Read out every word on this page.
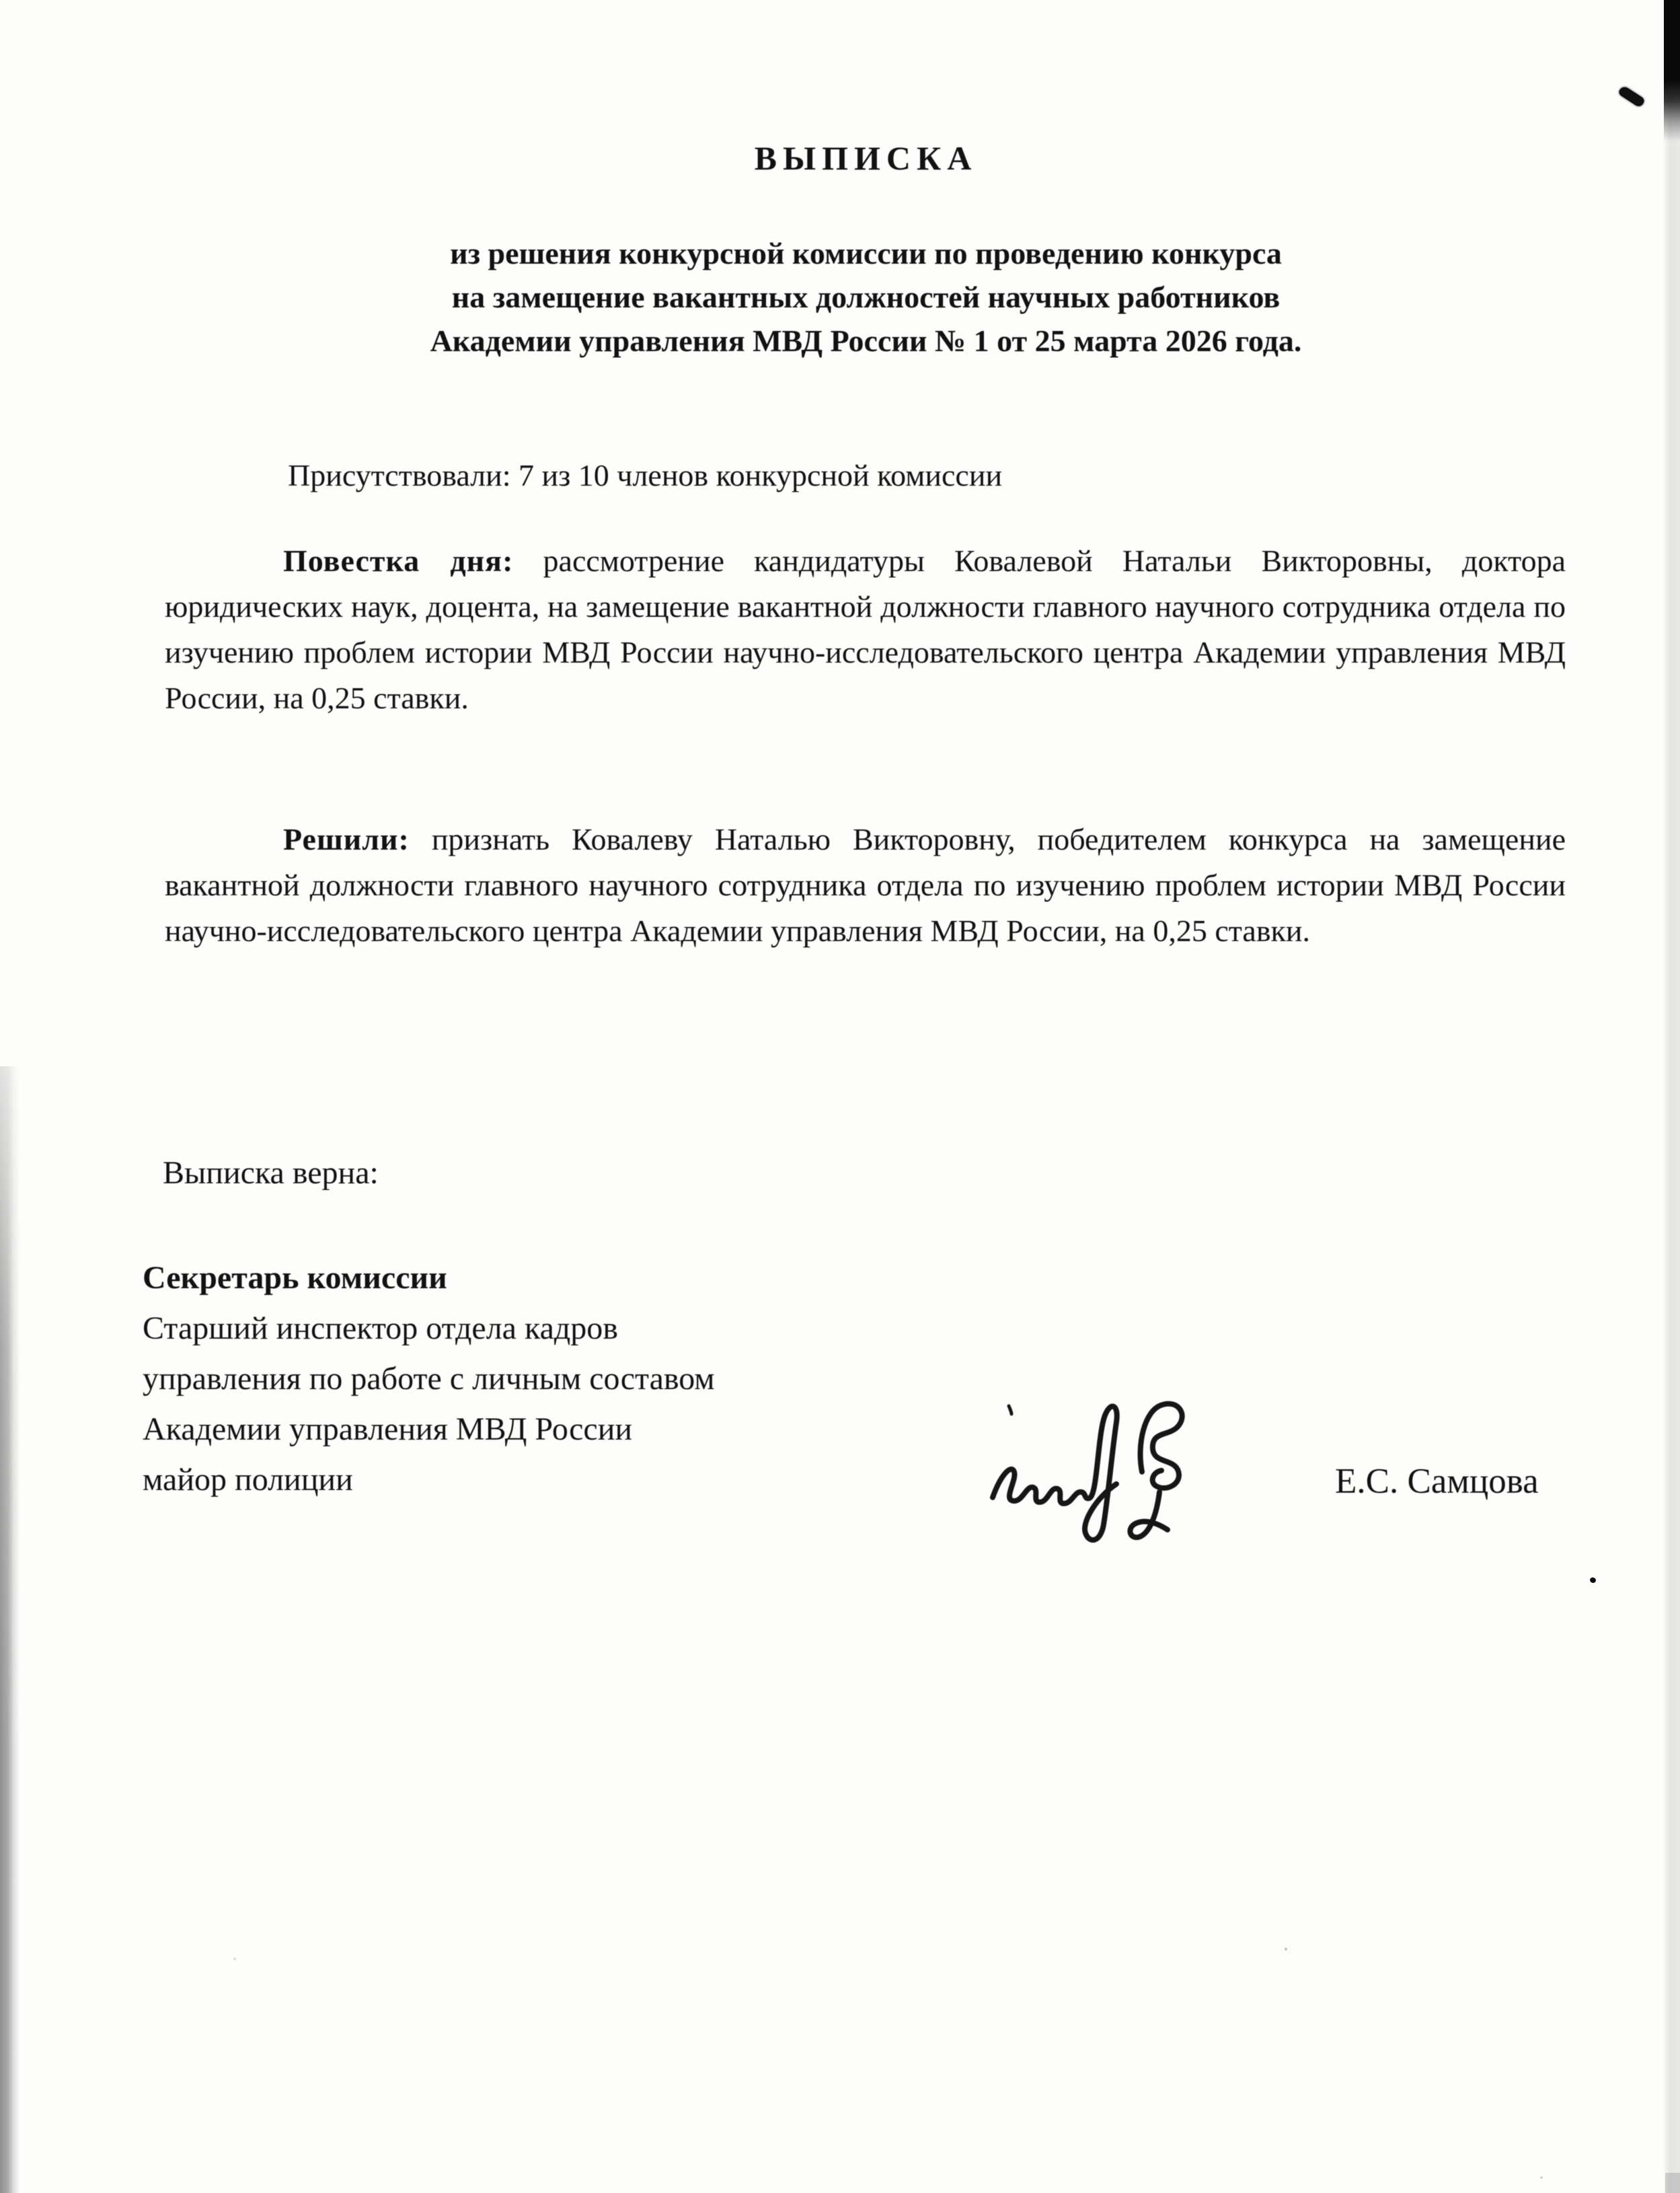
ВЫПИСКА
из решения конкурсной комиссии по проведению конкурса
на замещение вакантных должностей научных работников
Академии управления МВД России № 1 от 25 марта 2026 года.
Присутствовали: 7 из 10 членов конкурсной комиссии
Повестка дня: рассмотрение кандидатуры Ковалевой Натальи Викторовны, доктора юридических наук, доцента, на замещение вакантной должности главного научного сотрудника отдела по изучению проблем истории МВД России научно-исследовательского центра Академии управления МВД России, на 0,25 ставки.
Решили: признать Ковалеву Наталью Викторовну, победителем конкурса на замещение вакантной должности главного научного сотрудника отдела по изучению проблем истории МВД России научно-исследовательского центра Академии управления МВД России, на 0,25 ставки.
Выписка верна:
Секретарь комиссии
Старший инспектор отдела кадров
управления по работе с личным составом
Академии управления МВД России
майор полиции	Е.С. Самцова
